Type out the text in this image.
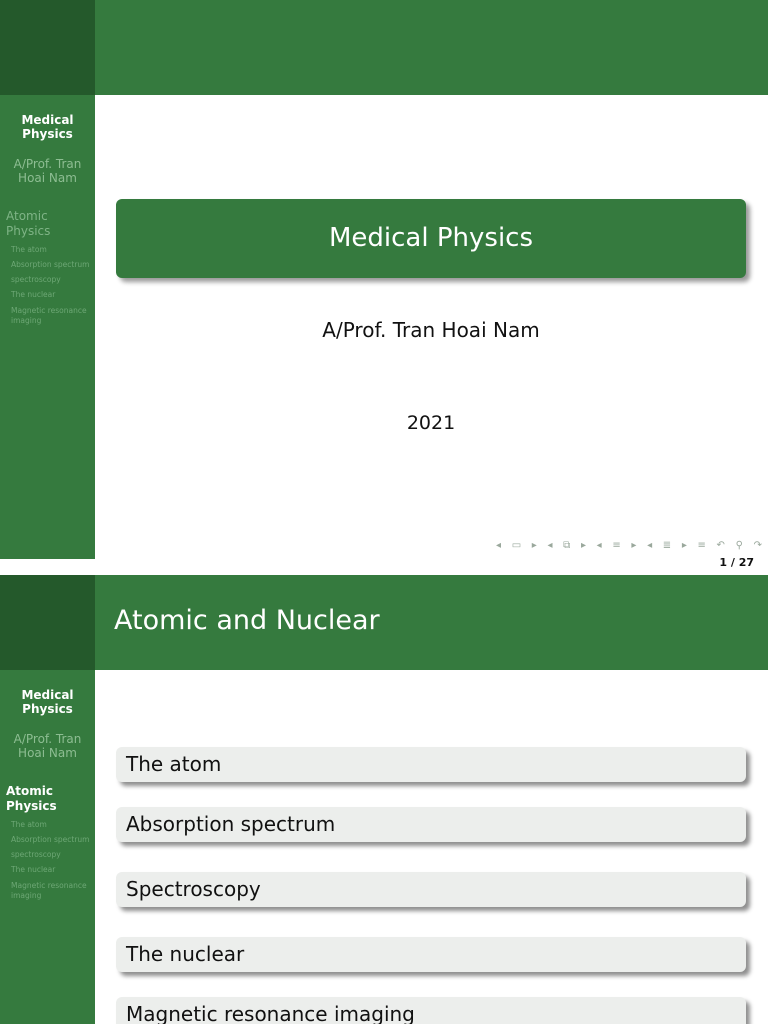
Medical
Physics
A/Prof. Tran
Hoai Nam
Atomic
Physics
The atom
Absorption spectrum
spectroscopy
The nuclear
Magnetic resonance
imaging
Medical Physics
A/Prof. Tran Hoai Nam
2021
◂ ▭ ▸ ◂ ⧉ ▸ ◂ ≡ ▸ ◂ ≣ ▸ ≡ ↶ ⚲ ↷
1 / 27
Atomic and Nuclear
Medical
Physics
A/Prof. Tran
Hoai Nam
Atomic
Physics
The atom
Absorption spectrum
spectroscopy
The nuclear
Magnetic resonance
imaging
The atom
Absorption spectrum
Spectroscopy
The nuclear
Magnetic resonance imaging
